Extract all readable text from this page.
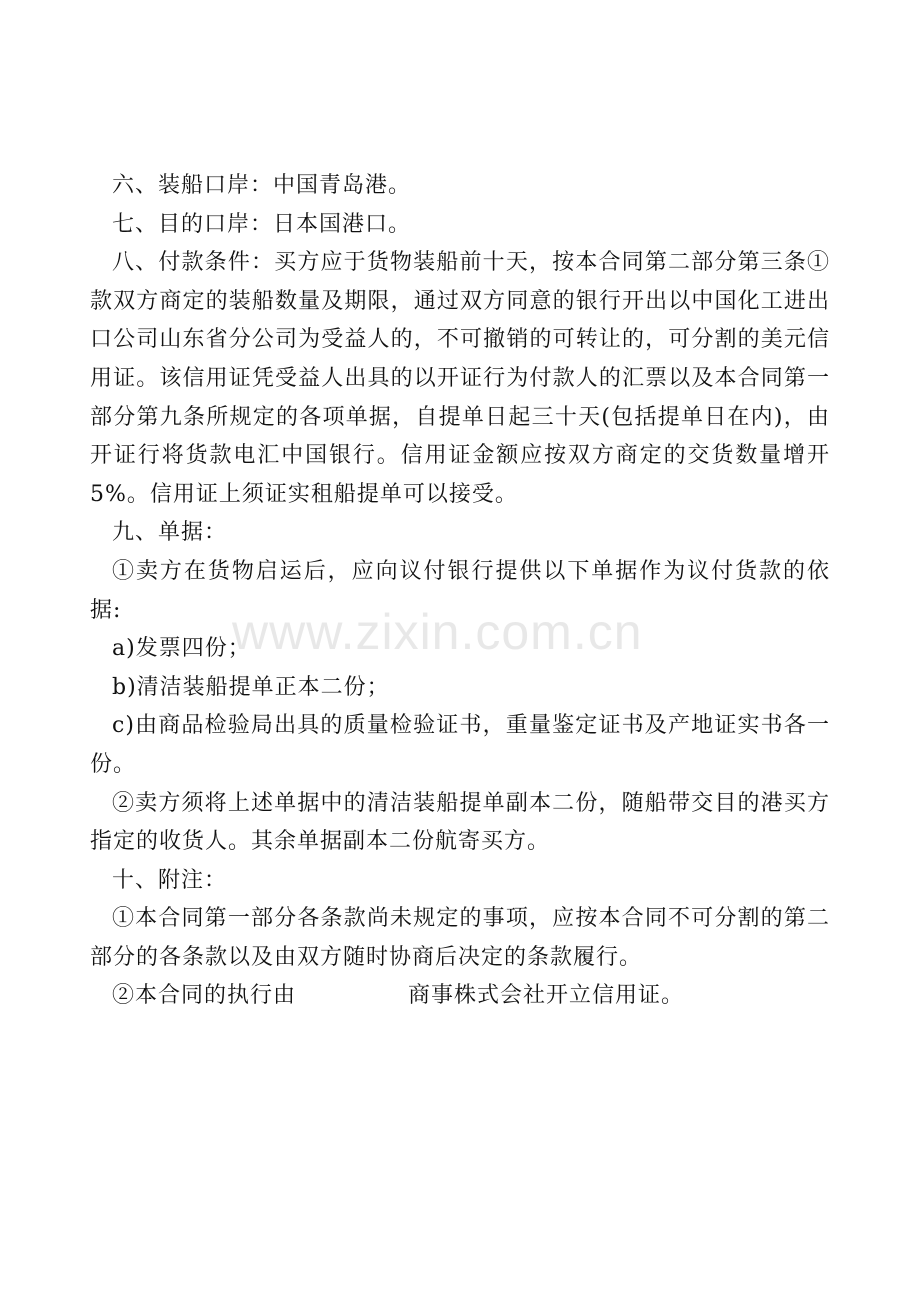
六、装船口岸：中国青岛港。

七、目的口岸：日本国港口。

八、付款条件：买方应于货物装船前十天，按本合同第二部分第三条①款双方商定的装船数量及期限，通过双方同意的银行开出以中国化工进出口公司山东省分公司为受益人的，不可撤销的可转让的，可分割的美元信用证。该信用证凭受益人出具的以开证行为付款人的汇票以及本合同第一部分第九条所规定的各项单据，自提单日起三十天(包括提单日在内)，由开证行将货款电汇中国银行。信用证金额应按双方商定的交货数量增开5%。信用证上须证实租船提单可以接受。

九、单据：

①卖方在货物启运后，应向议付银行提供以下单据作为议付货款的依据:

a)发票四份；

b)清洁装船提单正本二份；

c)由商品检验局出具的质量检验证书，重量鉴定证书及产地证实书各一份。

②卖方须将上述单据中的清洁装船提单副本二份，随船带交目的港买方指定的收货人。其余单据副本二份航寄买方。

十、附注：

①本合同第一部分各条款尚未规定的事项，应按本合同不可分割的第二部分的各条款以及由双方随时协商后决定的条款履行。

②本合同的执行由	商事株式会社开立信用证。

www.zixin.com.cn
